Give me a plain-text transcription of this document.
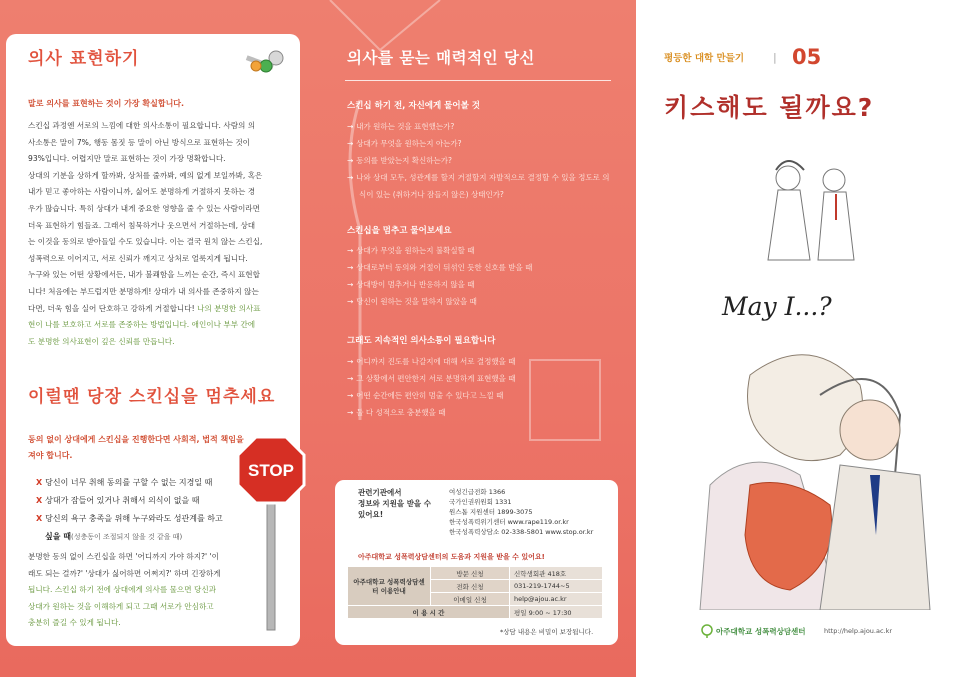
의사 표현하기
말로 의사를 표현하는 것이 가장 확실합니다.
스킨십 과정엔 서로의 느낌에 대한 의사소통이 필요합니다. 사람의 의
사소통은 말이 7%, 행동 몸짓 등 말이 아닌 방식으로 표현하는 것이
93%입니다. 어렵지만 말로 표현하는 것이 가장 명확합니다.
상대의 기분을 상하게 할까봐, 상처를 줄까봐, 예의 없게 보일까봐, 혹은
내가 믿고 좋아하는 사람이니까, 싫어도 분명하게 거절하지 못하는 경
우가 많습니다. 특히 상대가 내게 중요한 영향을 줄 수 있는 사람이라면
더욱 표현하기 힘들죠. 그래서 침묵하거나 웃으면서 거절하는데, 상대
는 이것을 동의로 받아들일 수도 있습니다. 이는 결국 원치 않는 스킨십,
성폭력으로 이어지고, 서로 신뢰가 깨지고 상처로 얼룩지게 됩니다.
누구와 있는 어떤 상황에서든, 내가 불쾌함을 느끼는 순간, 즉시 표현합
니다! 처음에는 부드럽지만 분명하게! 상대가 내 의사를 존중하지 않는
다면, 더욱 힘을 실어 단호하고 강하게 거절합니다! 나의 분명한 의사표
현이 나를 보호하고 서로를 존중하는 방법입니다. 애인이나 부부 간에
도 분명한 의사표현이 깊은 신뢰를 만듭니다.
이럴땐 당장 스킨십을 멈추세요
동의 없이 상대에게 스킨십을 진행한다면 사회적, 법적 책임을
져야 합니다.
X 당신이 너무 취해 동의를 구할 수 없는 지경일 때
X 상대가 잠들어 있거나 취해서 의식이 없을 때
X 당신의 욕구 충족을 위해 누구와라도 성관계를 하고
싶을 때(성충동이 조절되지 않을 것 같을 때)
STOP
분명한 동의 없이 스킨십을 하면 '어디까지 가야 하지?' '이
래도 되는 걸까?' '상대가 싫어하면 어쩌지?' 하며 긴장하게
됩니다. 스킨십 하기 전에 상대에게 의사를 물으면 당신과
상대가 원하는 것을 이해하게 되고 그때 서로가 안심하고
충분히 즐길 수 있게 됩니다.
의사를 묻는 매력적인 당신
스킨십 하기 전, 자신에게 물어볼 것
→ 내가 원하는 것을 표현했는가?
→ 상대가 무엇을 원하는지 아는가?
→ 동의를 받았는지 확신하는가?
→ 나와 상대 모두, 성관계를 할지 거절할지 자발적으로 결정할 수 있을 정도로 의
식이 있는 (취하거나 잠들지 않은) 상태인가?
스킨십을 멈추고 물어보세요
→ 상대가 무엇을 원하는지 불확실할 때
→ 상대로부터 동의와 거절이 뒤섞인 듯한 신호를 받을 때
→ 상대방이 멈추거나 반응하지 않을 때
→ 당신이 원하는 것을 말하지 않았을 때
그래도 지속적인 의사소통이 필요합니다
→ 어디까지 진도를 나갈지에 대해 서로 결정했을 때
→ 그 상황에서 편안한지 서로 분명하게 표현했을 때
→ 어떤 순간에든 편안히 멈출 수 있다고 느낄 때
→ 둘 다 성적으로 충분했을 때
관련기관에서
정보와 지원을 받을 수
있어요!
여성긴급전화 1366
국가인권위원회 1331
원스톱 지원센터 1899-3075
한국성폭력위기센터 www.rape119.or.kr
한국성폭력상담소 02-338-5801 www.stop.or.kr
아주대학교 성폭력상담센터의 도움과 지원을 받을 수 있어요!
아주대학교 성폭력상담센터 이용안내	방문 신청	신학생회관 418호
	전화 신청	031-219-1744~5
	이메일 신청	help@ajou.ac.kr
이 용 시 간		평일 9:00 ~ 17:30
*상담 내용은 비밀이 보장됩니다.
평등한 대학 만들기	| 05
키스해도 될까요?
May I...?
아주대학교 성폭력상담센터	http://help.ajou.ac.kr
